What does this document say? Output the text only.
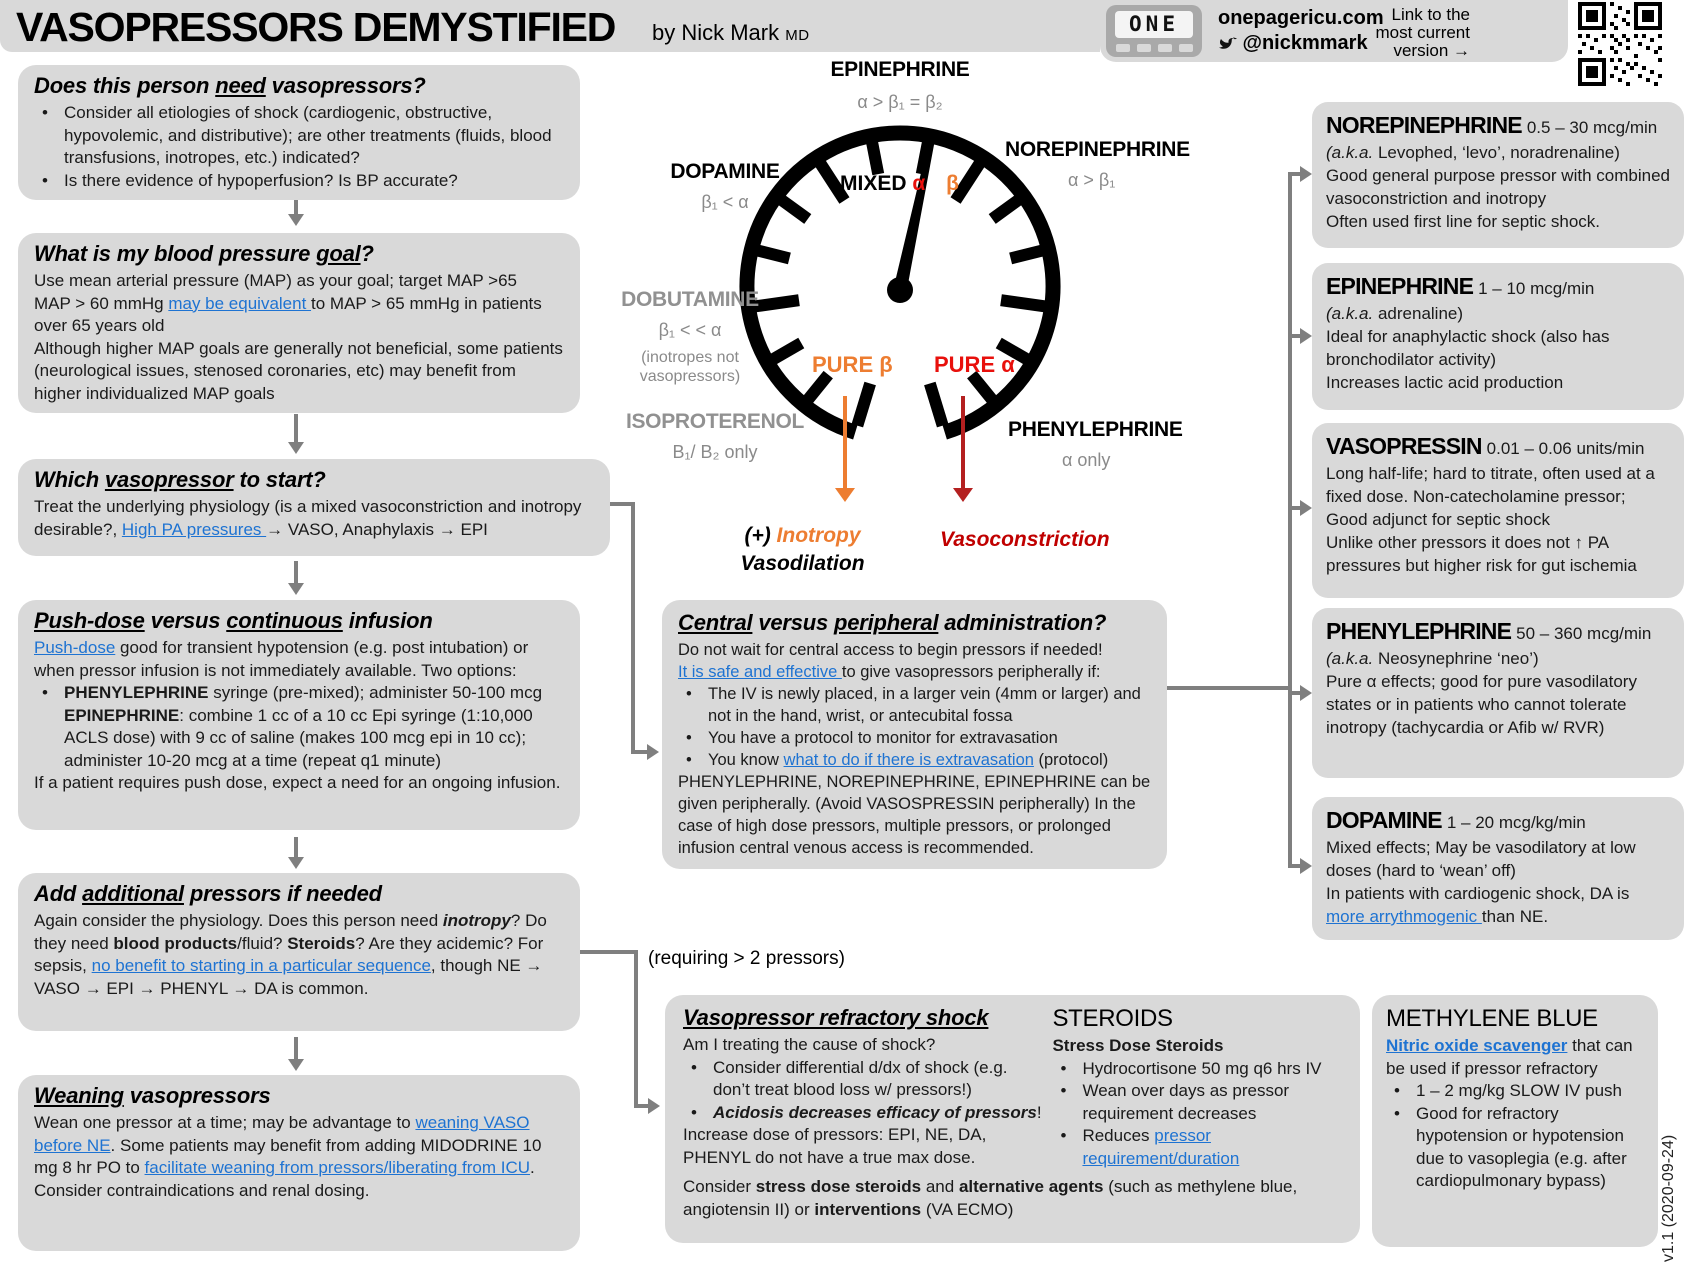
VASOPRESSORS DEMYSTIFIED by Nick Mark MD	ONE	onepagericu.com
@nickmmark
Link to the
most current
version →
Does this person need vasopressors?
• Consider all etiologies of shock (cardiogenic, obstructive, hypovolemic, and distributive); are other treatments (fluids, blood transfusions, inotropes, etc.) indicated?
• Is there evidence of hypoperfusion? Is BP accurate?
What is my blood pressure goal?
Use mean arterial pressure (MAP) as your goal; target MAP >65
MAP > 60 mmHg may be equivalent to MAP > 65 mmHg in patients over 65 years old
Although higher MAP goals are generally not beneficial, some patients (neurological issues, stenosed coronaries, etc) may benefit from higher individualized MAP goals
Which vasopressor to start?
Treat the underlying physiology (is a mixed vasoconstriction and inotropy desirable?, High PA pressures → VASO, Anaphylaxis → EPI
Push-dose versus continuous infusion
Push-dose good for transient hypotension (e.g. post intubation) or when pressor infusion is not immediately available. Two options:
• PHENYLEPHRINE syringe (pre-mixed); administer 50-100 mcg
EPINEPHRINE: combine 1 cc of a 10 cc Epi syringe (1:10,000 ACLS dose) with 9 cc of saline (makes 100 mcg epi in 10 cc); administer 10-20 mcg at a time (repeat q1 minute)
If a patient requires push dose, expect a need for an ongoing infusion.
Add additional pressors if needed
Again consider the physiology. Does this person need inotropy? Do they need blood products/fluid? Steroids? Are they acidemic? For sepsis, no benefit to starting in a particular sequence, though NE → VASO → EPI → PHENYL → DA is common.
Weaning vasopressors
Wean one pressor at a time; may be advantage to weaning VASO before NE. Some patients may benefit from adding MIDODRINE 10 mg 8 hr PO to facilitate weaning from pressors/liberating from ICU. Consider contraindications and renal dosing.
EPINEPHRINE
α > β₁ = β₂
NOREPINEPHRINE
α > β₁
DOPAMINE
β₁ < α
DOBUTAMINE
β₁ < < α
(inotropes not vasopressors)
ISOPROTERENOL
B₁/ B₂ only
PHENYLEPHRINE
α only
MIXED α β
PURE β PURE α
(+) Inotropy
Vasodilation
Vasoconstriction
Central versus peripheral administration?
Do not wait for central access to begin pressors if needed!
It is safe and effective to give vasopressors peripherally if:
• The IV is newly placed, in a larger vein (4mm or larger) and not in the hand, wrist, or antecubital fossa
• You have a protocol to monitor for extravasation
• You know what to do if there is extravasation (protocol)
PHENYLEPHRINE, NOREPINEPHRINE, EPINEPHRINE can be given peripherally. (Avoid VASOSPRESSIN peripherally) In the case of high dose pressors, multiple pressors, or prolonged infusion central venous access is recommended.
(requiring > 2 pressors)
Vasopressor refractory shock
Am I treating the cause of shock?
• Consider differential d/dx of shock (e.g. don’t treat blood loss w/ pressors!)
• Acidosis decreases efficacy of pressors!
Increase dose of pressors: EPI, NE, DA, PHENYL do not have a true max dose.
STEROIDS
Stress Dose Steroids
• Hydrocortisone 50 mg q6 hrs IV
• Wean over days as pressor requirement decreases
• Reduces pressor requirement/duration
Consider stress dose steroids and alternative agents (such as methylene blue, angiotensin II) or interventions (VA ECMO)
METHYLENE BLUE
Nitric oxide scavenger that can be used if pressor refractory
• 1 – 2 mg/kg SLOW IV push
• Good for refractory hypotension or hypotension due to vasoplegia (e.g. after cardiopulmonary bypass)
NOREPINEPHRINE 0.5 – 30 mcg/min
(a.k.a. Levophed, ‘levo’, noradrenaline)
Good general purpose pressor with combined vasoconstriction and inotropy
Often used first line for septic shock.
EPINEPHRINE 1 – 10 mcg/min
(a.k.a. adrenaline)
Ideal for anaphylactic shock (also has bronchodilator activity)
Increases lactic acid production
VASOPRESSIN 0.01 – 0.06 units/min
Long half-life; hard to titrate, often used at a fixed dose. Non-catecholamine pressor; Good adjunct for septic shock
Unlike other pressors it does not ↑ PA pressures but higher risk for gut ischemia
PHENYLEPHRINE 50 – 360 mcg/min
(a.k.a. Neosynephrine ‘neo’)
Pure α effects; good for pure vasodilatory states or in patients who cannot tolerate inotropy (tachycardia or Afib w/ RVR)
DOPAMINE 1 – 20 mcg/kg/min
Mixed effects; May be vasodilatory at low doses (hard to ‘wean’ off)
In patients with cardiogenic shock, DA is more arrythmogenic than NE.
v1.1 (2020-09-24)
